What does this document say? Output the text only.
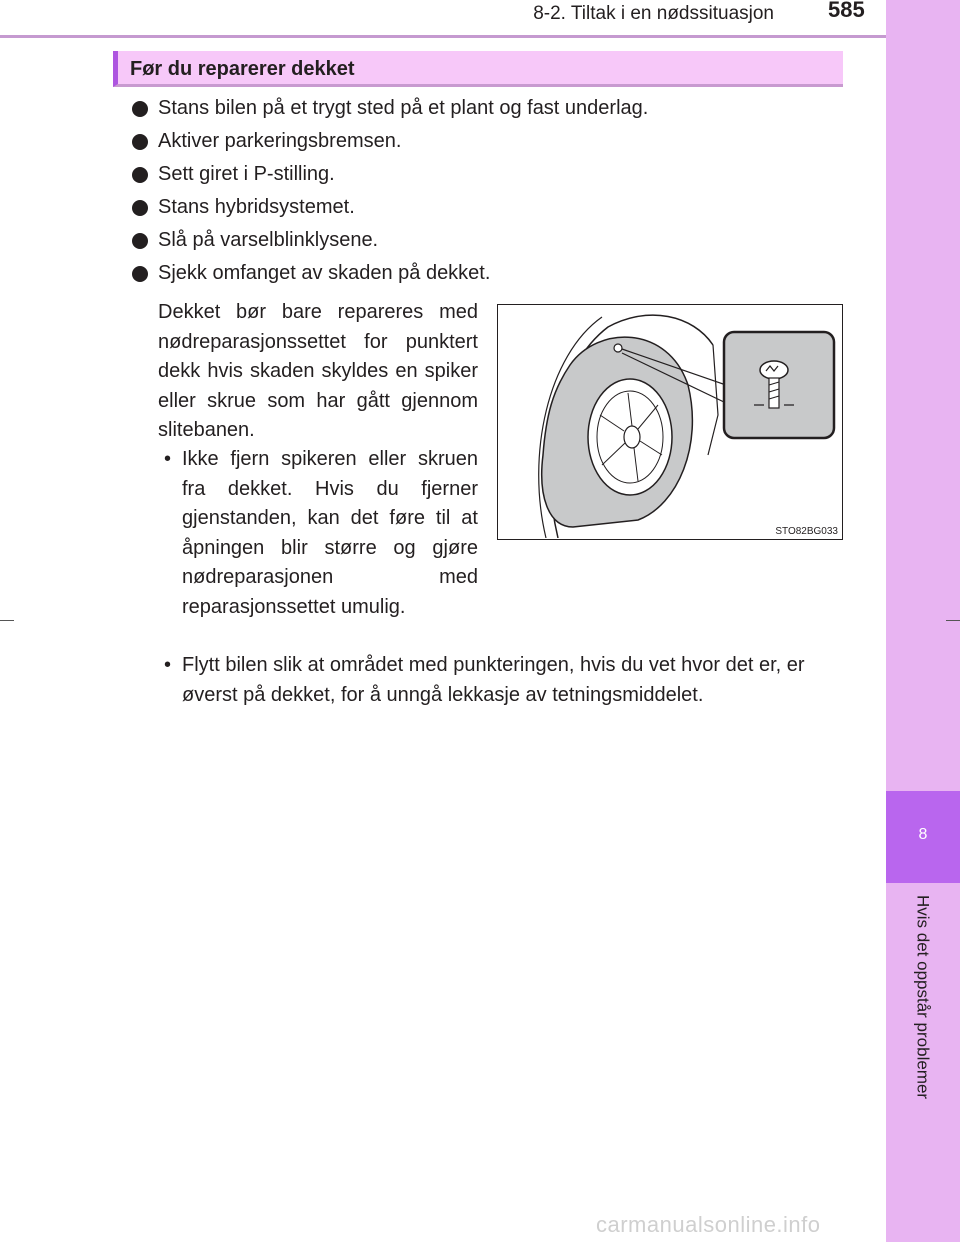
8-2. Tiltak i en nødssituasjon 585
8
Hvis det oppstår problemer
Før du reparerer dekket
Stans bilen på et trygt sted på et plant og fast underlag.
Aktiver parkeringsbremsen.
Sett giret i P-stilling.
Stans hybridsystemet.
Slå på varselblinklysene.
Sjekk omfanget av skaden på dekket.
Dekket bør bare repareres med nødreparasjonssettet for punktert dekk hvis skaden skyldes en spiker eller skrue som har gått gjennom slitebanen.
• Ikke fjern spikeren eller skruen fra dekket. Hvis du fjerner gjenstanden, kan det føre til at åpningen blir større og gjøre nødreparasjonen med reparasjonssettet umulig.
• Flytt bilen slik at området med punkteringen, hvis du vet hvor det er, er øverst på dekket, for å unngå lekkasje av tetningsmiddelet.
STO82BG033
carmanualsonline.info
